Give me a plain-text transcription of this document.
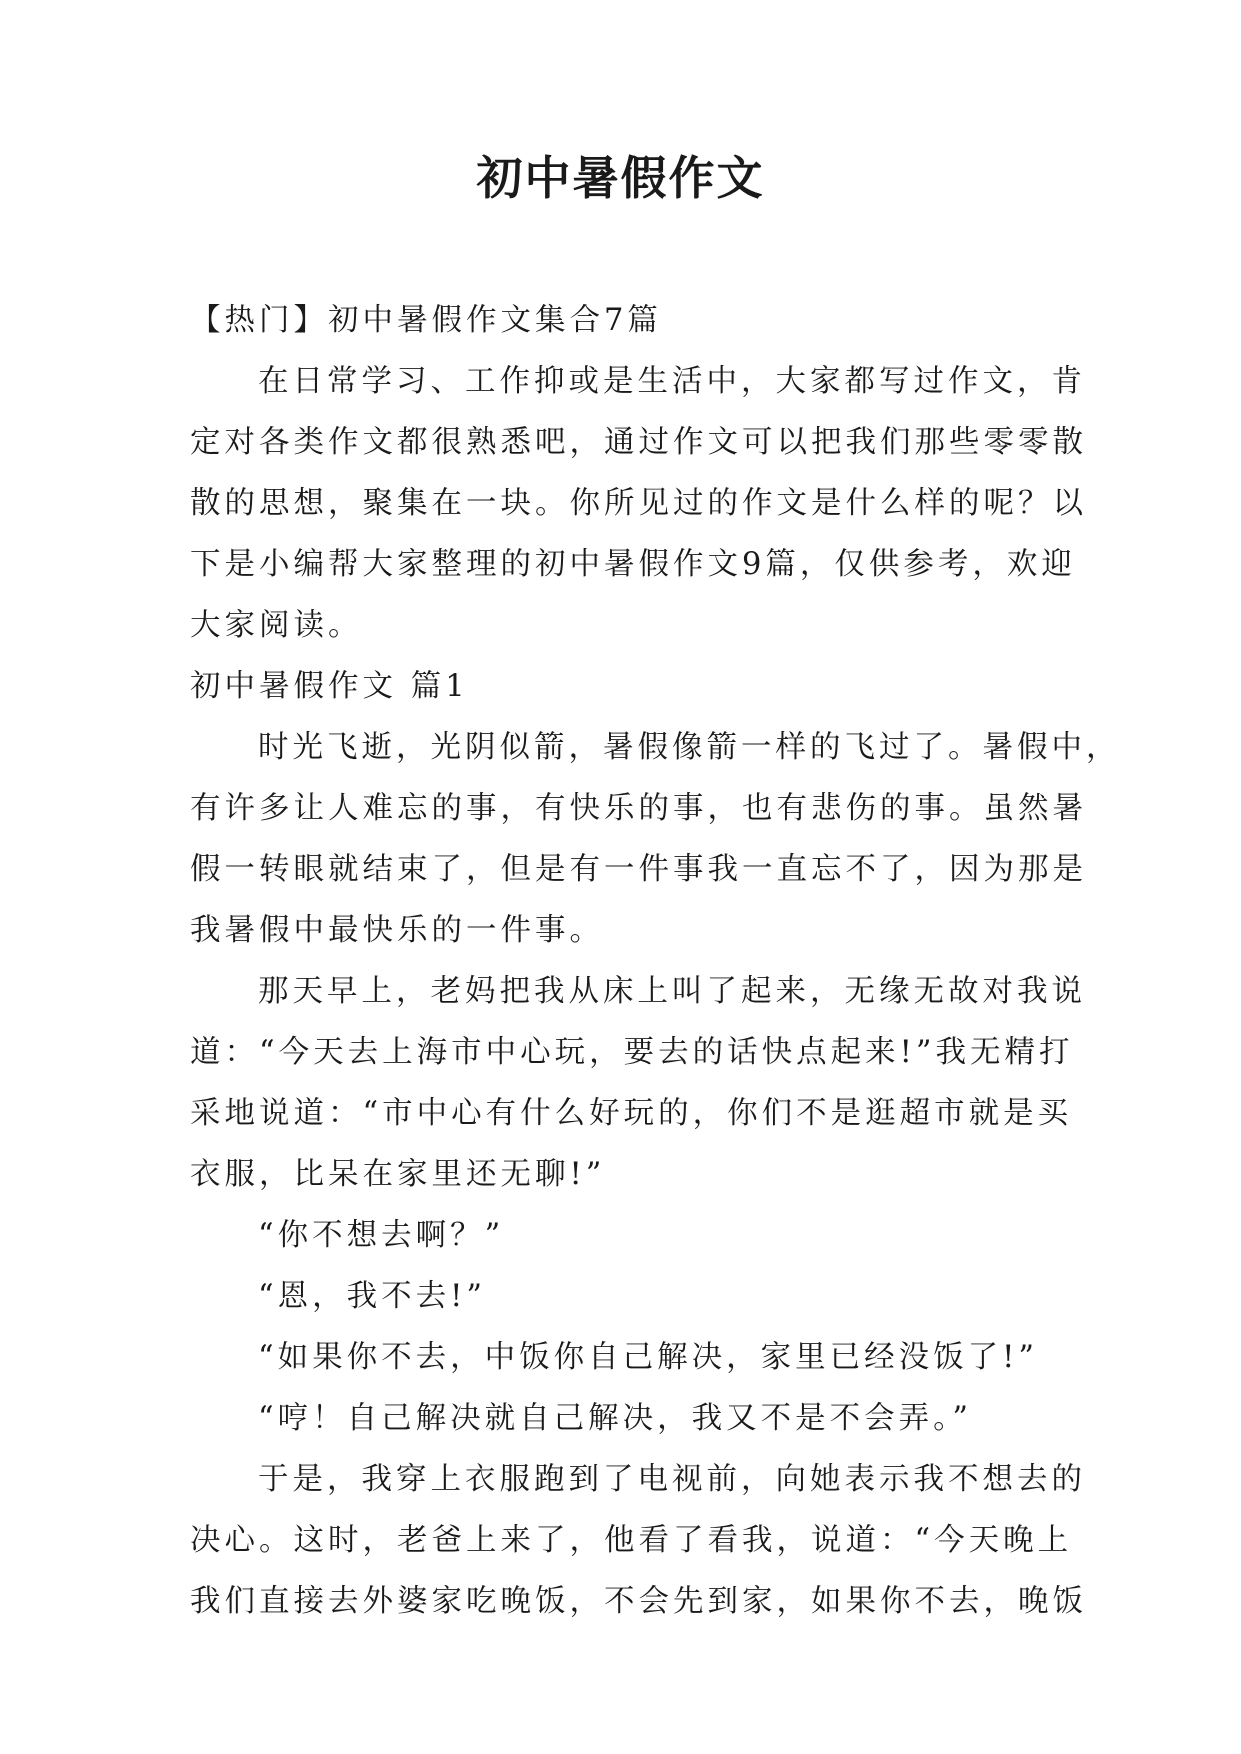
初中暑假作文

【热门】初中暑假作文集合7篇

在日常学习、工作抑或是生活中，大家都写过作文，肯

定对各类作文都很熟悉吧，通过作文可以把我们那些零零散

散的思想，聚集在一块。你所见过的作文是什么样的呢？以

下是小编帮大家整理的初中暑假作文9篇，仅供参考，欢迎

大家阅读。

初中暑假作文 篇1

时光飞逝，光阴似箭，暑假像箭一样的飞过了。暑假中，

有许多让人难忘的事，有快乐的事，也有悲伤的事。虽然暑

假一转眼就结束了，但是有一件事我一直忘不了，因为那是

我暑假中最快乐的一件事。

那天早上，老妈把我从床上叫了起来，无缘无故对我说

道：“今天去上海市中心玩，要去的话快点起来!”我无精打

采地说道：“市中心有什么好玩的，你们不是逛超市就是买

衣服，比呆在家里还无聊!”

“你不想去啊？”

“恩，我不去!”

“如果你不去，中饭你自己解决，家里已经没饭了!”

“哼！自己解决就自己解决，我又不是不会弄。”

于是，我穿上衣服跑到了电视前，向她表示我不想去的

决心。这时，老爸上来了，他看了看我，说道：“今天晚上

我们直接去外婆家吃晚饭，不会先到家，如果你不去，晚饭
